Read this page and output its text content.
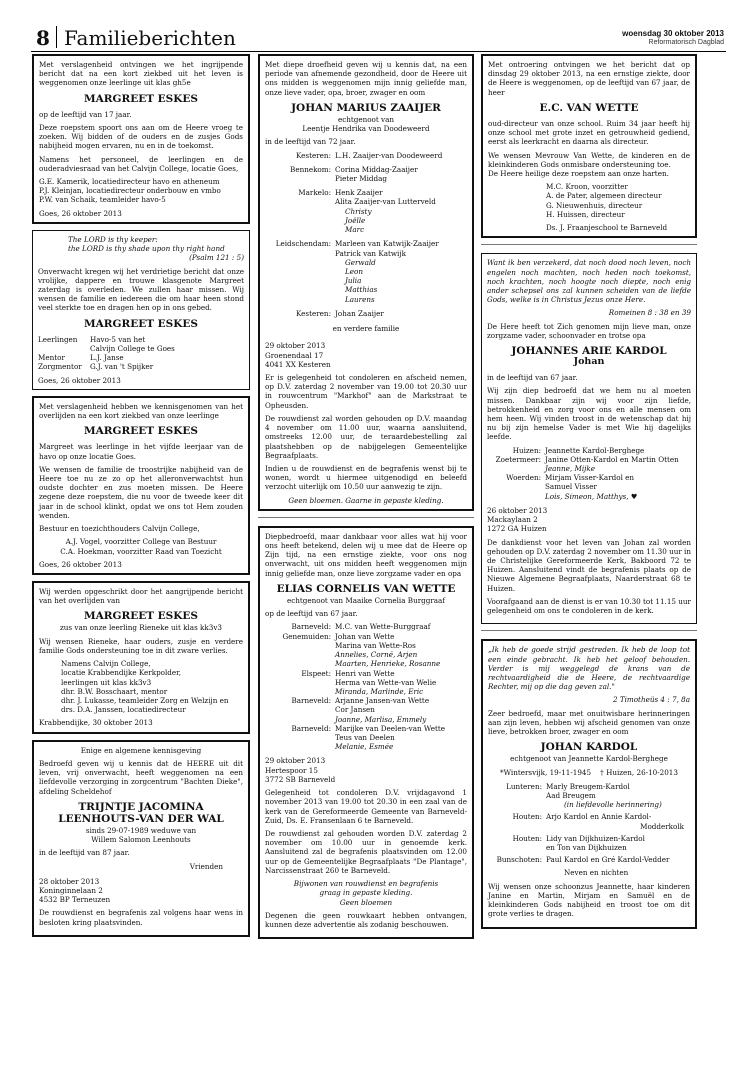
8 Familieberichten	woensdag 30 oktober 2013
Reformatorisch Dagblad

Met verslagenheid ontvingen we het ingrijpende bericht dat na een kort ziekbed uit het leven is weggenomen onze leerlinge uit klas gh5e

MARGREET ESKES

op de leeftijd van 17 jaar.

Deze roepstem spoort ons aan om de Heere vroeg te zoeken. Wij bidden of de ouders en de zusjes Gods nabijheid mogen ervaren, nu en in de toekomst.

Namens het personeel, de leerlingen en de ouderadviesraad van het Calvijn College, locatie Goes,

G.E. Kamerik, locatiedirecteur havo en atheneum
P.J. Kleinjan, locatiedirecteur onderbouw en vmbo
P.W. van Schaik, teamleider havo-5
Goes, 26 oktober 2013
The LORD is thy keeper:
the LORD is thy shade upon thy right hand
(Psalm 121 : 5)

Onverwacht kregen wij het verdrietige bericht dat onze vrolijke, dappere en trouwe klasgenote Margreet zaterdag is overleden. We zullen haar missen. Wij wensen de familie en iedereen die om haar heen stond veel sterkte toe en dragen hen op in ons gebed.

MARGREET ESKES
Leerlingen	Havo-5 van het
Calvijn College te Goes
Mentor	L.J. Janse
Zorgmentor	G.J. van 't Spijker
Goes, 26 oktober 2013

Met verslagenheid hebben we kennisgenomen van het overlijden na een kort ziekbed van onze leerlinge

MARGREET ESKES

Margreet was leerlinge in het vijfde leerjaar van de havo op onze locatie Goes.

We wensen de familie de troostrijke nabijheid van de Heere toe nu ze zo op het alleronverwachtst hun oudste dochter en zus moeten missen. De Heere zegene deze roepstem, die nu voor de tweede keer dit jaar in de school klinkt, opdat we ons tot Hem zouden wenden.

Bestuur en toezichthouders Calvijn College,

A.J. Vogel, voorzitter College van Bestuur
C.A. Hoekman, voorzitter Raad van Toezicht
Goes, 26 oktober 2013

Wij werden opgeschrikt door het aangrijpende bericht van het overlijden van

MARGREET ESKES
zus van onze leerling Rieneke uit klas kk3v3

Wij wensen Rieneke, haar ouders, zusje en verdere familie Gods ondersteuning toe in dit zware verlies.

Namens Calvijn College,
locatie Krabbendijke Kerkpolder,
leerlingen uit klas kk3v3
dhr. B.W. Bosschaart, mentor
dhr. J. Lukasse, teamleider Zorg en Welzijn en
drs. D.A. Janssen, locatiedirecteur
Krabbendijke, 30 oktober 2013
Enige en algemene kennisgeving

Bedroefd geven wij u kennis dat de HEERE uit dit leven, vrij onverwacht, heeft weggenomen na een liefdevolle verzorging in zorgcentrum "Bachten Dieke", afdeling Scheldehof

TRIJNTJE JACOMINA
LEENHOUTS-VAN DER WAL
sinds 29-07-1989 weduwe van
Willem Salomon Leenhouts

in de leeftijd van 87 jaar.

Vrienden
28 oktober 2013
Koninginnelaan 2
4532 BP Terneuzen

De rouwdienst en begrafenis zal volgens haar wens in besloten kring plaatsvinden.

Met diepe droefheid geven wij u kennis dat, na een periode van afnemende gezondheid, door de Heere uit ons midden is weggenomen mijn innig geliefde man, onze lieve vader, opa, broer, zwager en oom

JOHAN MARIUS ZAAIJER
echtgenoot van
Leentje Hendrika van Doodeweerd

in de leeftijd van 72 jaar.

Kesteren: L.H. Zaaijer-van Doodeweerd
Bennekom: Corina Middag-Zaaijer
Pieter Middag
Markelo: Henk Zaaijer
Alita Zaaijer-van Lutterveld
Christy
Joëlle
Marc
Leidschendam: Marleen van Katwijk-Zaaijer
Patrick van Katwijk
Gerwald
Leon
Julia
Matthias
Laurens
Kesteren: Johan Zaaijer
en verdere familie
29 oktober 2013
Groenendaal 17
4041 XX Kesteren

Er is gelegenheid tot condoleren en afscheid nemen, op D.V. zaterdag 2 november van 19.00 tot 20.30 uur in rouwcentrum "Markhof" aan de Markstraat te Opheusden.

De rouwdienst zal worden gehouden op D.V. maandag 4 november om 11.00 uur, waarna aansluitend, omstreeks 12.00 uur, de teraardebestelling zal plaatshebben op de nabijgelegen Gemeentelijke Begraafplaats.

Indien u de rouwdienst en de begrafenis wenst bij te wonen, wordt u hiermee uitgenodigd en beleefd verzocht uiterlijk om 10.50 uur aanwezig te zijn.

Geen bloemen. Gaarne in gepaste kleding.

Diepbedroefd, maar dankbaar voor alles wat hij voor ons heeft betekend, delen wij u mee dat de Heere op Zijn tijd, na een ernstige ziekte, voor ons nog onverwacht, uit ons midden heeft weggenomen mijn innig geliefde man, onze lieve zorgzame vader en opa

ELIAS CORNELIS VAN WETTE
echtgenoot van Maaike Cornelia Burggraaf

op de leeftijd van 67 jaar.

Barneveld: M.C. van Wette-Burggraaf
Genemuiden: Johan van Wette
Marina van Wette-Ros
Annelies, Corné, Arjen
Maarten, Henrieke, Rosanne
Elspeet: Henri van Wette
Herma van Wette-van Welie
Miranda, Marlinde, Eric
Barneveld: Arjanne Jansen-van Wette
Cor Jansen
Joanne, Marlisa, Emmely
Barneveld: Marijke van Deelen-van Wette
Teus van Deelen
Melanie, Esmée
29 oktober 2013
Hertespoor 15
3772 SB Barneveld

Gelegenheid tot condoleren D.V. vrijdagavond 1 november 2013 van 19.00 tot 20.30 in een zaal van de kerk van de Gereformeerde Gemeente van Barneveld-Zuid, Ds. E. Fransenlaan 6 te Barneveld.

De rouwdienst zal gehouden worden D.V. zaterdag 2 november om 10.00 uur in genoemde kerk. Aansluitend zal de begrafenis plaatsvinden om 12.00 uur op de Gemeentelijke Begraafplaats "De Plantage", Narcissenstraat 260 te Barneveld.

Bijwonen van rouwdienst en begrafenis graag in gepaste kleding.
Geen bloemen

Degenen die geen rouwkaart hebben ontvangen, kunnen deze advertentie als zodanig beschouwen.

Met ontroering ontvingen we het bericht dat op dinsdag 29 oktober 2013, na een ernstige ziekte, door de Heere is weggenomen, op de leeftijd van 67 jaar, de heer

E.C. VAN WETTE

oud-directeur van onze school. Ruim 34 jaar heeft hij onze school met grote inzet en getrouwheid gediend, eerst als leerkracht en daarna als directeur.

We wensen Mevrouw Van Wette, de kinderen en de kleinkinderen Gods onmisbare ondersteuning toe.

De Heere heilige deze roepstem aan onze harten.

M.C. Kroon, voorzitter
A. de Pater, algemeen directeur
G. Nieuwenhuis, directeur
H. Huissen, directeur
Ds. J. Fraanjeschool te Barneveld

Want ik ben verzekerd, dat noch dood noch leven, noch engelen noch machten, noch heden noch toekomst, noch krachten, noch hoogte noch diepte, noch enig ander schepsel ons zal kunnen scheiden van de liefde Gods, welke is in Christus Jezus onze Here.

Romeinen 8 : 38 en 39

De Here heeft tot Zich genomen mijn lieve man, onze zorgzame vader, schoonvader en trotse opa

JOHANNES ARIE KARDOL
Johan

in de leeftijd van 67 jaar.

Wij zijn diep bedroefd dat we hem nu al moeten missen. Dankbaar zijn wij voor zijn liefde, betrokkenheid en zorg voor ons en alle mensen om hem heen. Wij vinden troost in de wetenschap dat hij nu bij zijn hemelse Vader is met Wie hij dagelijks leefde.

Huizen: Jeannette Kardol-Berghege
Zoetermeer: Janine Otten-Kardol en Martin Otten
Jeanne, Mijke
Woerden: Mirjam Visser-Kardol en
Samuel Visser
Lois, Simeon, Matthys, ♥
26 oktober 2013
Mackaylaan 2
1272 GA Huizen

De dankdienst voor het leven van Johan zal worden gehouden op D.V. zaterdag 2 november om 11.30 uur in de Christelijke Gereformeerde Kerk, Bakboord 72 te Huizen. Aansluitend vindt de begrafenis plaats op de Nieuwe Algemene Begraafplaats, Naarderstraat 68 te Huizen.

Voorafgaand aan de dienst is er van 10.30 tot 11.15 uur gelegenheid om ons te condoleren in de kerk.

„Ik heb de goede strijd gestreden. Ik heb de loop tot een einde gebracht. Ik heb het geloof behouden. Verder is mij weggelegd de krans van de rechtvaardigheid die de Heere, de rechtvaardige Rechter, mij op die dag geven zal."

2 Timotheüs 4 : 7, 8a

Zeer bedroefd, maar met onuitwisbare herinneringen aan zijn leven, hebben wij afscheid genomen van onze lieve, betrokken broer, zwager en oom

JOHAN KARDOL
echtgenoot van Jeannette Kardol-Berghege
*Wintersvijk, 19-11-1945    † Huizen, 26-10-2013
Lunteren: Marly Breugem-Kardol
Aad Breugem
(in liefdevolle herinnering)
Houten: Arjo Kardol en Annie Kardol-
Modderkolk
Houten: Lidy van Dijkhuizen-Kardol
en Ton van Dijkhuizen
Bunschoten: Paul Kardol en Gré Kardol-Vedder
Neven en nichten

Wij wensen onze schoonzus Jeannette, haar kinderen Janine en Martin, Mirjam en Samuël en de kleinkinderen Gods nabijheid en troost toe om dit grote verlies te dragen.
